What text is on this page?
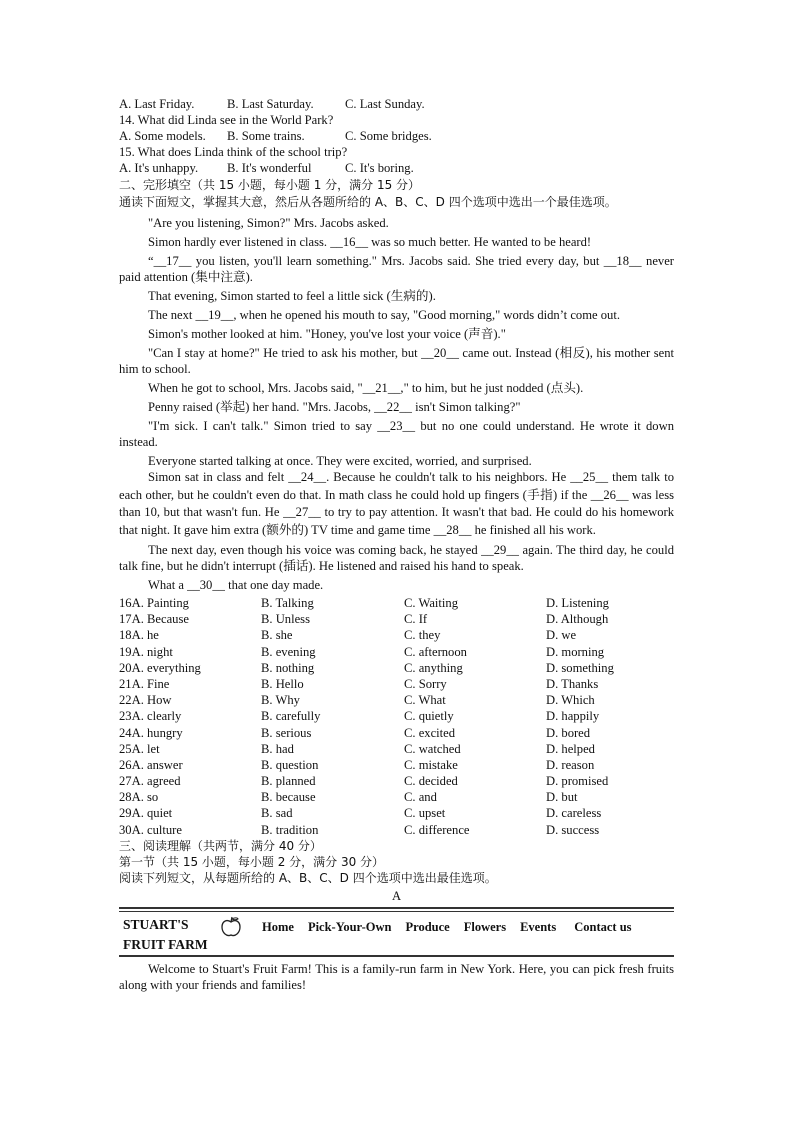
A. Last Friday.	B. Last Saturday.	C. Last Sunday.
14. What did Linda see in the World Park?
A. Some models.	B. Some trains.	C. Some bridges.
15. What does Linda think of the school trip?
A. It's unhappy.	B. It's wonderful	C. It's boring.
二、完形填空（共 15 小题，每小题 1 分，满分 15 分）
通读下面短文，掌握其大意，然后从各题所给的 A、B、C、D 四个选项中选出一个最佳选项。

"Are you listening, Simon?" Mrs. Jacobs asked.

Simon hardly ever listened in class. __16__ was so much better. He wanted to be heard!

“__17__ you listen, you'll learn something." Mrs. Jacobs said. She tried every day, but __18__ never paid attention (集中注意).

That evening, Simon started to feel a little sick (生病的).

The next __19__, when he opened his mouth to say, "Good morning," words didn’t come out.

Simon's mother looked at him. "Honey, you've lost your voice (声音)."

"Can I stay at home?" He tried to ask his mother, but __20__ came out. Instead (相反), his mother sent him to school.

When he got to school, Mrs. Jacobs said, "__21__," to him, but he just nodded (点头).

Penny raised (举起) her hand. "Mrs. Jacobs, __22__ isn't Simon talking?"

"I'm sick. I can't talk." Simon tried to say __23__ but no one could understand. He wrote it down instead.

Everyone started talking at once. They were excited, worried, and surprised.

Simon sat in class and felt __24__. Because he couldn't talk to his neighbors. He __25__ them talk to each other, but he couldn't even do that. In math class he could hold up fingers (手指) if the __26__ was less than 10, but that wasn't fun. He __27__ to try to pay attention. It wasn't that bad. He could do his homework that night. It gave him extra (额外的) TV time and game time __28__ he finished all his work.

The next day, even though his voice was coming back, he stayed __29__ again. The third day, he could talk fine, but he didn't interrupt (插话). He listened and raised his hand to speak.

What a __30__ that one day made.

16A. Painting	B. Talking	C. Waiting	D. Listening
17A. Because	B. Unless	C. If	D. Although
18A. he	B. she	C. they	D. we
19A. night	B. evening	C. afternoon	D. morning
20A. everything	B. nothing	C. anything	D. something
21A. Fine	B. Hello	C. Sorry	D. Thanks
22A. How	B. Why	C. What	D. Which
23A. clearly	B. carefully	C. quietly	D. happily
24A. hungry	B. serious	C. excited	D. bored
25A. let	B. had	C. watched	D. helped
26A. answer	B. question	C. mistake	D. reason
27A. agreed	B. planned	C. decided	D. promised
28A. so	B. because	C. and	D. but
29A. quiet	B. sad	C. upset	D. careless
30A. culture	B. tradition	C. difference	D. success
三、阅读理解（共两节，满分 40 分）
第一节（共 15 小题，每小题 2 分，满分 30 分）
阅读下列短文，从每题所给的 A、B、C、D 四个选项中选出最佳选项。
A
STUART'S
FRUIT FARM
Home Pick-Your-Own Produce Flowers Events Contact us

Welcome to Stuart's Fruit Farm! This is a family-run farm in New York. Here, you can pick fresh fruits along with your friends and families!
